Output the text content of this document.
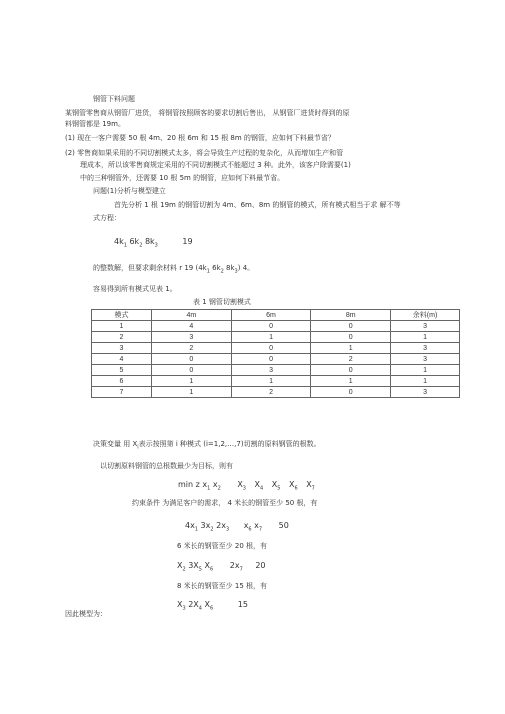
钢管下料问题
某钢管零售商从钢管厂进货， 将钢管按照顾客的要求切割后售出， 从钢管厂进货时得到的原
料钢管都是 19m。
(1) 现在一客户需要 50 根 4m、20 根 6m 和 15 根 8m 的钢管，应如何下料最节省？
(2) 零售商如果采用的不同切割模式太多，将会导致生产过程的复杂化，从而增加生产和管
理成本，所以该零售商规定采用的不同切割模式不能超过 3 种。此外，该客户除需要(1)
中的三种钢管外，还需要 10 根 5m 的钢管，应如何下料最节省。
问题(1)分析与模型建立
首先分析 1 根 19m 的钢管切割为 4m、6m、8m 的钢管的模式，所有模式相当于求 解不等
式方程：
$4k_1$ $6k_2$ $8k_3$	19
的整数解，但要求剩余材料 r 19 ($4k_1$ $6k_2$ $8k_3$) 4。
容易得到所有模式见表 1。
表 1 钢管切割模式
模式	4m	6m	8m	余料(m)
1	4	0	0	3
2	3	1	0	1
3	2	0	1	3
4	0	0	2	3
5	0	3	0	1
6	1	1	1	1
7	1	2	0	3
决策变量 用 $X_i$表示按照第 i 种模式 (i=1,2,…,7)切割的原料钢管的根数。
以切割原料钢管的总根数最少为目标，则有
min z $x_1$ $x_2$ $X_3$ $X_4$ $X_5$ $X_6$ $X_7$
约束条件 为满足客户的需求， 4 米长的钢管至少 50 根，有
$4x_1$ $3x_2$ $2x_3$ $x_6$ $x_7$ 50
6 米长的钢管至少 20 根，有
$X_2$ $3X_5$ $X_6$ $2x_7$ 20
8 米长的钢管至少 15 根，有
$X_3$ $2X_4$ $X_6$	15
因此模型为：
